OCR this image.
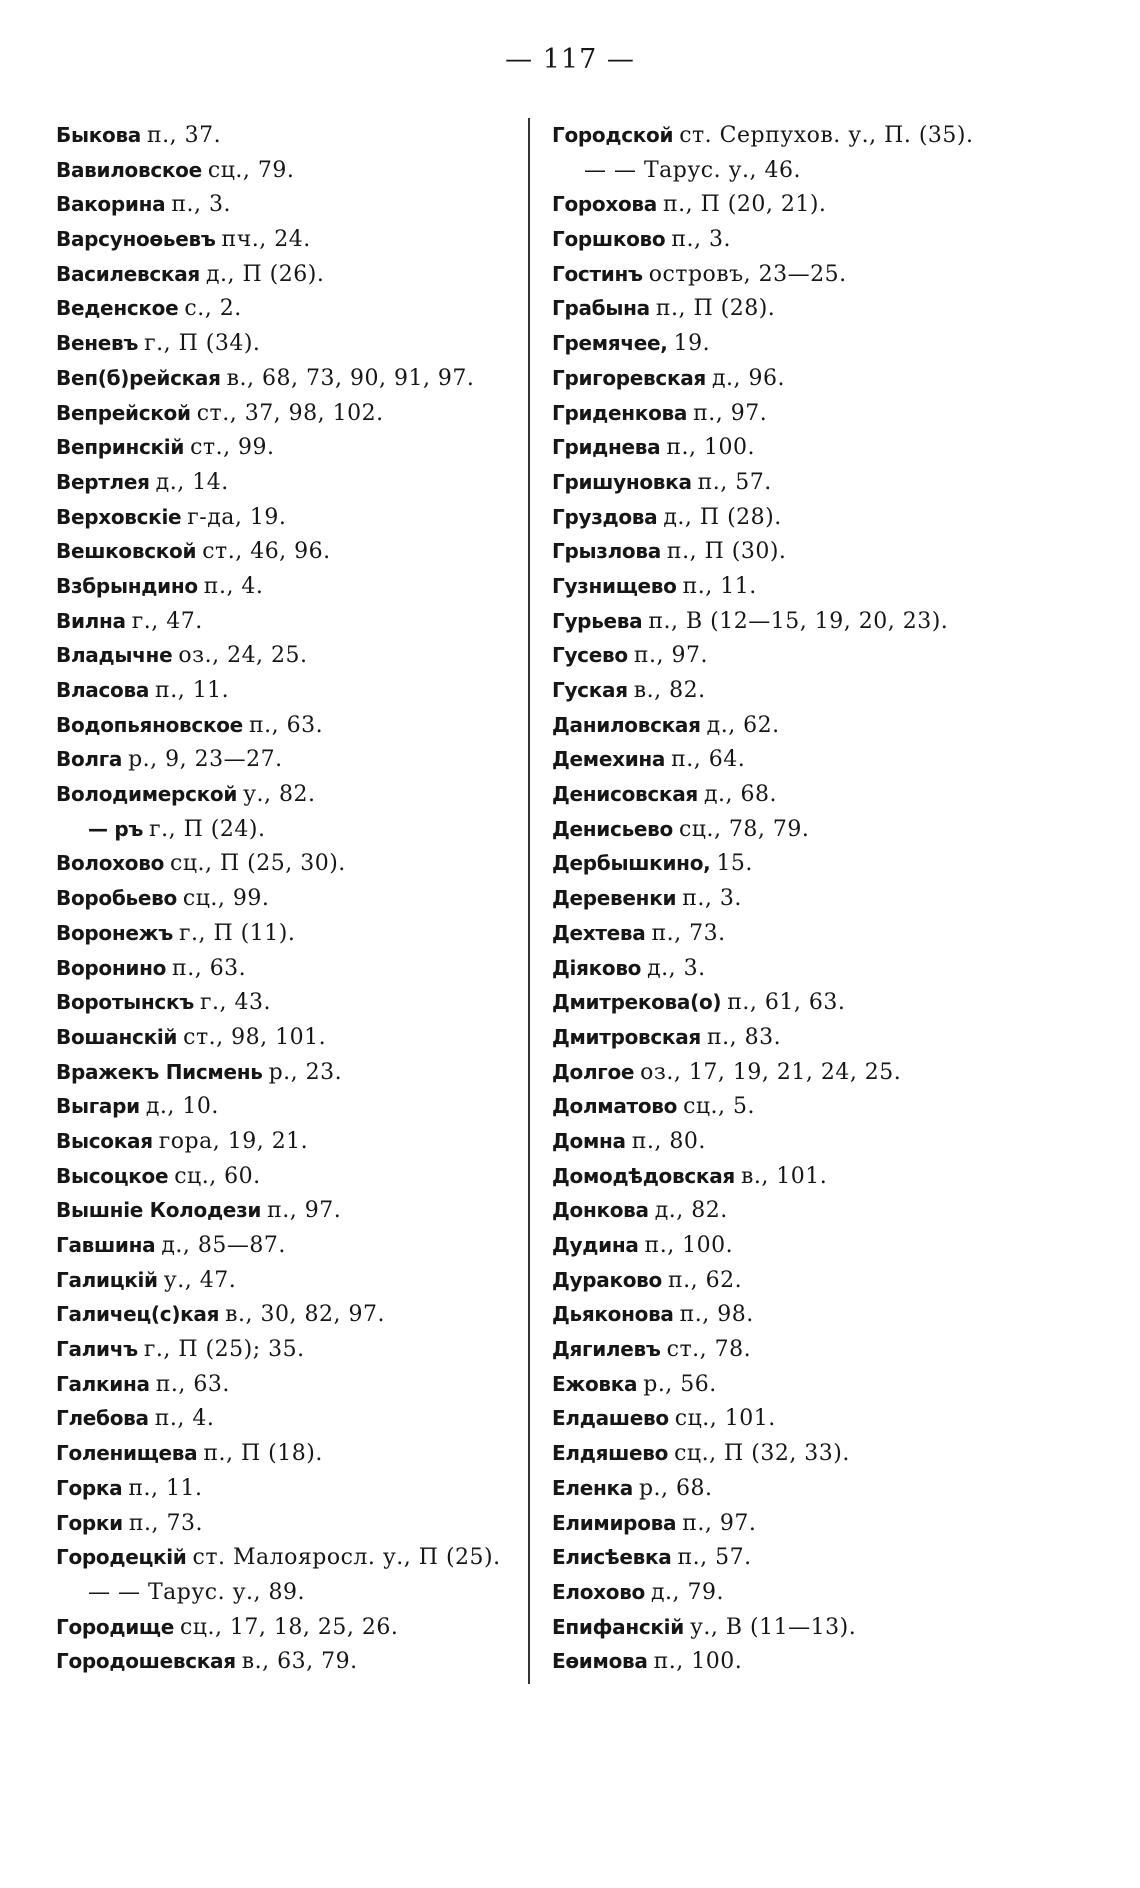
— 117 —
Быкова п., 37.
Вавиловское сц., 79.
Вакорина п., 3.
Варсуноѳьевъ пч., 24.
Василевская д., П (26).
Веденское с., 2.
Веневъ г., П (34).
Веп(б)рейская в., 68, 73, 90, 91, 97.
Вепрейской ст., 37, 98, 102.
Вепринскій ст., 99.
Вертлея д., 14.
Верховскіе г-да, 19.
Вешковской ст., 46, 96.
Взбрындино п., 4.
Вилна г., 47.
Владычне оз., 24, 25.
Власова п., 11.
Водопьяновское п., 63.
Волга р., 9, 23—27.
Володимерской у., 82.
— ръ г., П (24).
Волохово сц., П (25, 30).
Воробьево сц., 99.
Воронежъ г., П (11).
Воронино п., 63.
Воротынскъ г., 43.
Вошанскій ст., 98, 101.
Вражекъ Писмень р., 23.
Выгари д., 10.
Высокая гора, 19, 21.
Высоцкое сц., 60.
Вышніе Колодези п., 97.
Гавшина д., 85—87.
Галицкій у., 47.
Галичец(с)кая в., 30, 82, 97.
Галичъ г., П (25); 35.
Галкина п., 63.
Глебова п., 4.
Голенищева п., П (18).
Горка п., 11.
Горки п., 73.
Городецкій ст. Малояросл. у., П (25).
— — Тарус. у., 89.
Городище сц., 17, 18, 25, 26.
Городошевская в., 63, 79.
Городской ст. Серпухов. у., П. (35).
— — Тарус. у., 46.
Горохова п., П (20, 21).
Горшково п., 3.
Гостинъ островъ, 23—25.
Грабына п., П (28).
Гремячее, 19.
Григоревская д., 96.
Гриденкова п., 97.
Гриднева п., 100.
Гришуновка п., 57.
Груздова д., П (28).
Грызлова п., П (30).
Гузнищево п., 11.
Гурьева п., В (12—15, 19, 20, 23).
Гусево п., 97.
Гуская в., 82.
Даниловская д., 62.
Демехина п., 64.
Денисовская д., 68.
Денисьево сц., 78, 79.
Дербышкино, 15.
Деревенки п., 3.
Дехтева п., 73.
Діяково д., 3.
Дмитрекова(о) п., 61, 63.
Дмитровская п., 83.
Долгое оз., 17, 19, 21, 24, 25.
Долматово сц., 5.
Домна п., 80.
Домодѣдовская в., 101.
Донкова д., 82.
Дудина п., 100.
Дураково п., 62.
Дьяконова п., 98.
Дягилевъ ст., 78.
Ежовка р., 56.
Елдашево сц., 101.
Елдяшево сц., П (32, 33).
Еленка р., 68.
Елимирова п., 97.
Елисѣевка п., 57.
Елохово д., 79.
Епифанскій у., В (11—13).
Еѳимова п., 100.
